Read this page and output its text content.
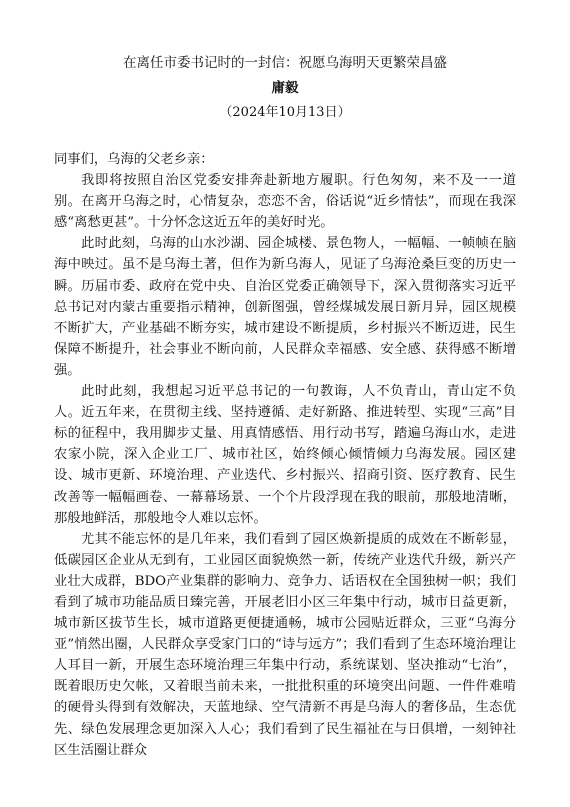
在离任市委书记时的一封信：祝愿乌海明天更繁荣昌盛
庸毅
（2024年10月13日）

同事们，乌海的父老乡亲：

我即将按照自治区党委安排奔赴新地方履职。行色匆匆，来不及一一道别。在离开乌海之时，心情复杂，恋恋不舍，俗话说“近乡情怯”，而现在我深感“离愁更甚”。十分怀念这近五年的美好时光。

此时此刻，乌海的山水沙湖、园企城楼、景色物人，一幅幅、一帧帧在脑海中映过。虽不是乌海土著，但作为新乌海人，见证了乌海沧桑巨变的历史一瞬。历届市委、政府在党中央、自治区党委正确领导下，深入贯彻落实习近平总书记对内蒙古重要指示精神，创新图强，曾经煤城发展日新月异，园区规模不断扩大，产业基础不断夯实，城市建设不断提质，乡村振兴不断迈进，民生保障不断提升，社会事业不断向前，人民群众幸福感、安全感、获得感不断增强。

此时此刻，我想起习近平总书记的一句教诲，人不负青山，青山定不负人。近五年来，在贯彻主线、坚持遵循、走好新路、推进转型、实现“三高”目标的征程中，我用脚步丈量、用真情感悟、用行动书写，踏遍乌海山水，走进农家小院，深入企业工厂、城市社区，始终倾心倾情倾力乌海发展。园区建设、城市更新、环境治理、产业迭代、乡村振兴、招商引资、医疗教育、民生改善等一幅幅画卷、一幕幕场景、一个个片段浮现在我的眼前，那般地清晰，那般地鲜活，那般地令人难以忘怀。

尤其不能忘怀的是几年来，我们看到了园区焕新提质的成效在不断彰显，低碳园区企业从无到有，工业园区面貌焕然一新，传统产业迭代升级，新兴产业壮大成群，BDO产业集群的影响力、竞争力、话语权在全国独树一帜；我们看到了城市功能品质日臻完善，开展老旧小区三年集中行动，城市日益更新，城市新区拔节生长，城市道路更便捷通畅，城市公园贴近群众，三亚“乌海分亚”悄然出圈，人民群众享受家门口的“诗与远方”；我们看到了生态环境治理让人耳目一新，开展生态环境治理三年集中行动，系统谋划、坚决推动“七治”，既着眼历史欠帐，又着眼当前未来，一批批积重的环境突出问题、一件件难啃的硬骨头得到有效解决，天蓝地绿、空气清新不再是乌海人的奢侈品，生态优先、绿色发展理念更加深入人心；我们看到了民生福祉在与日俱增，一刻钟社区生活圈让群众
